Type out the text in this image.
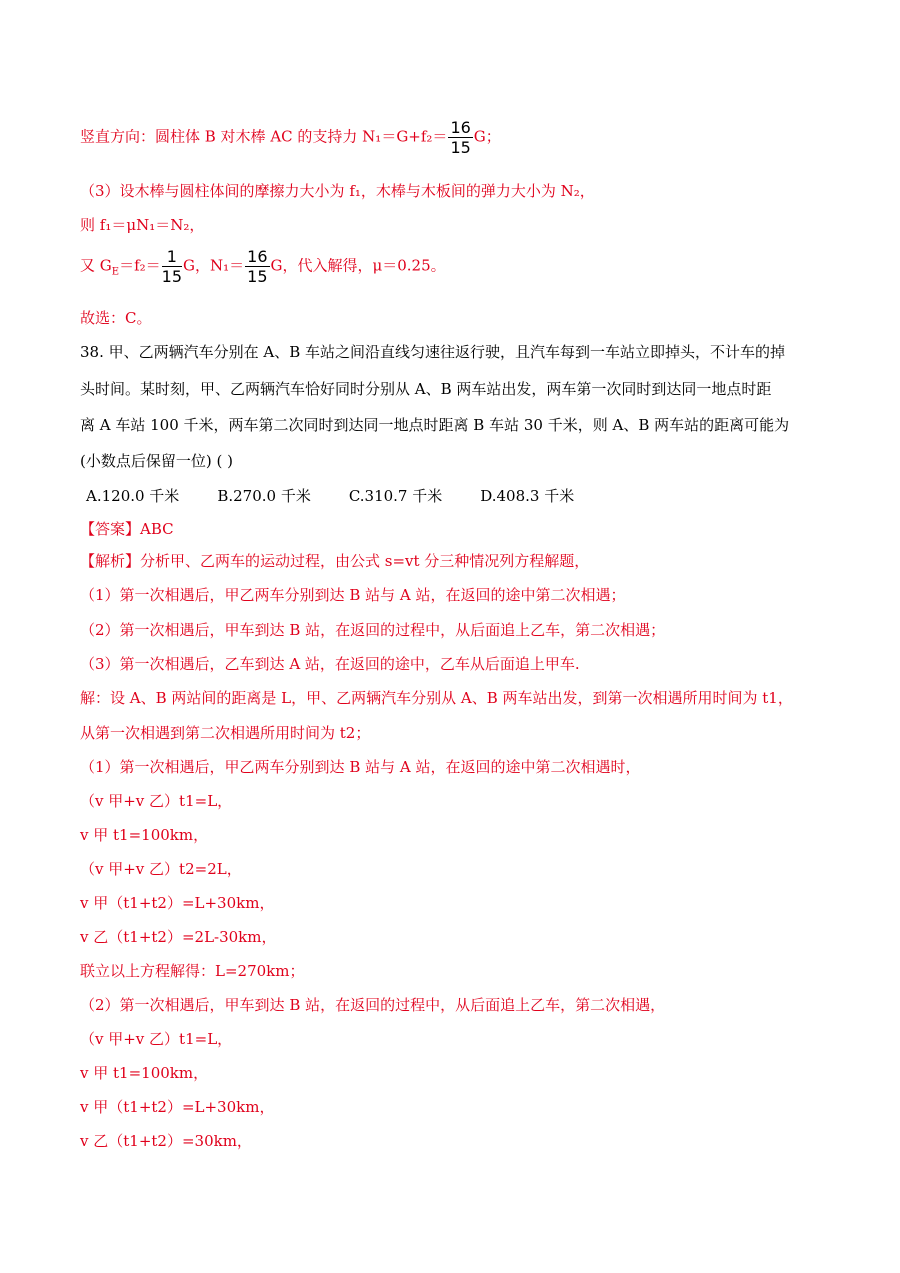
竖直方向：圆柱体 B 对木棒 AC 的支持力 $N_1=G+f_2= \frac{16}{15}$ G；
（3）设木棒与圆柱体间的摩擦力大小为 f₁，木棒与木板间的弹力大小为 N₂，
则 f₁＝μN₁＝N₂，
又 $G_E=f_2= \frac{1}{15}$ G，$N_1= \frac{16}{15}$ G，代入解得，μ＝0.25。
故选：C。
38. 甲、乙两辆汽车分别在 A、B 车站之间沿直线匀速往返行驶，且汽车每到一车站立即掉头，不计车的掉
头时间。某时刻，甲、乙两辆汽车恰好同时分别从 A、B 两车站出发，两车第一次同时到达同一地点时距
离 A 车站 100 千米，两车第二次同时到达同一地点时距离 B 车站 30 千米，则 A、B 两车站的距离可能为
(小数点后保留一位) ( )
A.120.0 千米	B.270.0 千米	C.310.7 千米	D.408.3 千米
【答案】ABC
【解析】分析甲、乙两车的运动过程，由公式 s=vt 分三种情况列方程解题，
（1）第一次相遇后，甲乙两车分别到达 B 站与 A 站，在返回的途中第二次相遇；
（2）第一次相遇后，甲车到达 B 站，在返回的过程中，从后面追上乙车，第二次相遇；
（3）第一次相遇后，乙车到达 A 站，在返回的途中，乙车从后面追上甲车.
解：设 A、B 两站间的距离是 L，甲、乙两辆汽车分别从 A、B 两车站出发，到第一次相遇所用时间为 t1，
从第一次相遇到第二次相遇所用时间为 t2；
（1）第一次相遇后，甲乙两车分别到达 B 站与 A 站，在返回的途中第二次相遇时，
（v 甲+v 乙）t1=L，
v 甲 t1=100km，
（v 甲+v 乙）t2=2L，
v 甲（t1+t2）=L+30km，
v 乙（t1+t2）=2L-30km，
联立以上方程解得：L=270km；
（2）第一次相遇后，甲车到达 B 站，在返回的过程中，从后面追上乙车，第二次相遇，
（v 甲+v 乙）t1=L，
v 甲 t1=100km，
v 甲（t1+t2）=L+30km，
v 乙（t1+t2）=30km，
